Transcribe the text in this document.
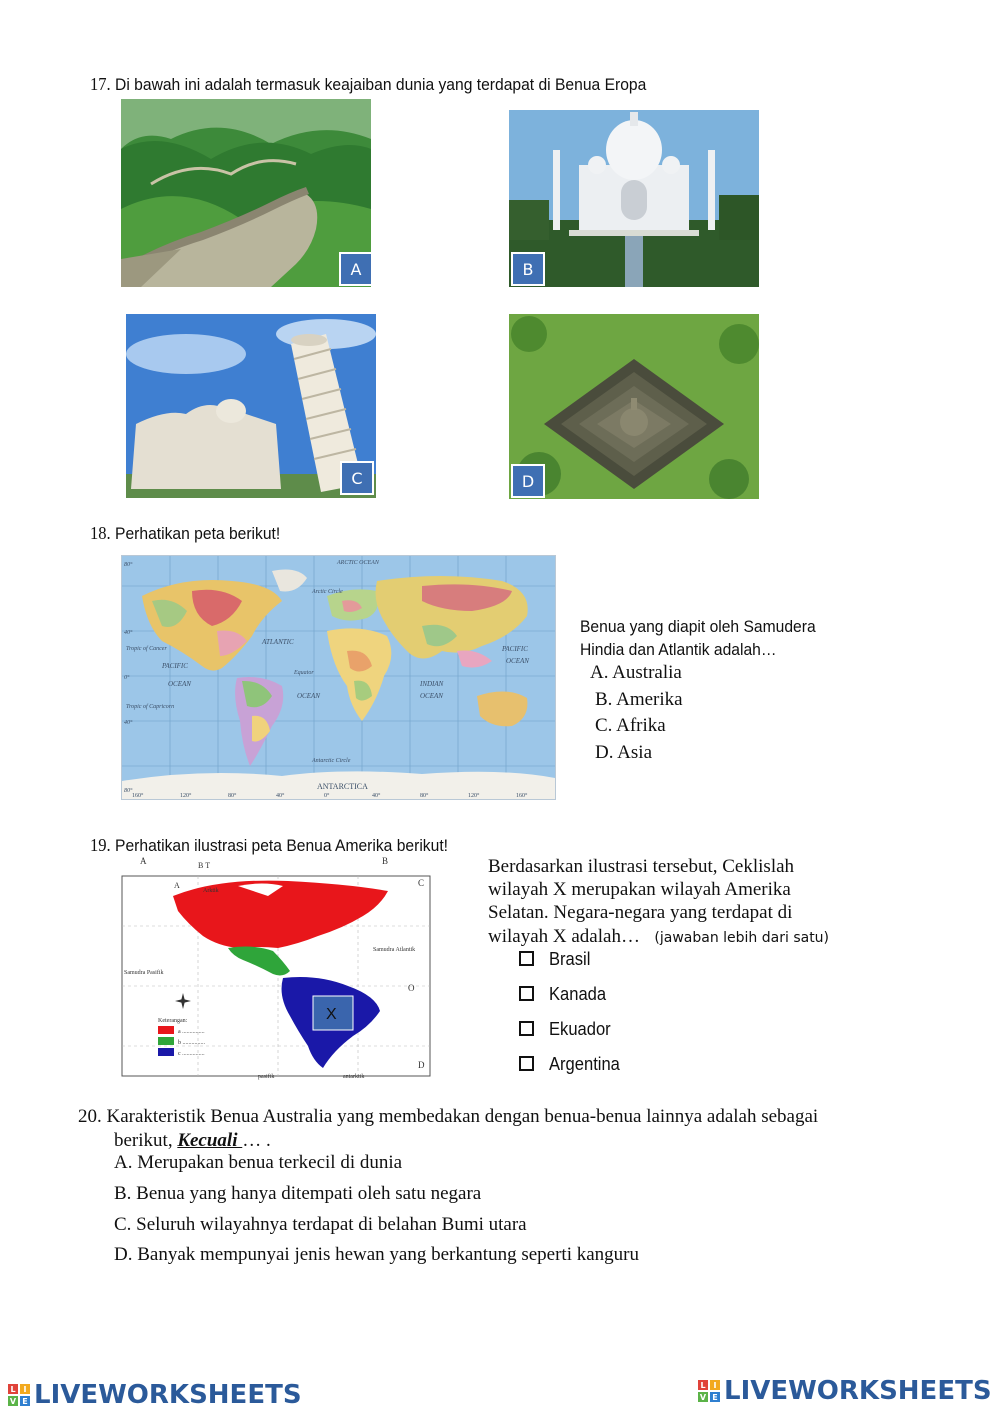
17. Di bawah ini adalah termasuk keajaiban dunia yang terdapat di Benua Eropa
A	B
C	D
18. Perhatikan peta berikut!
ARCTIC OCEAN
Arctic Circle
ATLANTIC
PACIFIC
OCEAN
PACIFIC
OCEAN
INDIAN
OCEAN
OCEAN
Tropic of Cancer
Equator
Tropic of Capricorn
Antarctic Circle
ANTARCTICA
80°
40°
0°
40°
80°
160°	120°	80°	40°	0°	40°	80°	120°	160°
Benua yang diapit oleh Samudera
Hindia dan Atlantik adalah…
A. Australia
B. Amerika
C. Afrika
D. Asia
19. Perhatikan ilustrasi peta Benua Amerika berikut!
X
Arktik
Samudra Pasifik
Samudra Atlantik
A	B
B T
C
D
A
O
Keterangan:
a ...............
b ...............
c ...............
pasifik	antarktik
Berdasarkan ilustrasi tersebut, Ceklislah
wilayah X merupakan wilayah Amerika
Selatan. Negara-negara yang terdapat di
wilayah X adalah… (jawaban lebih dari satu)
Brasil
Kanada
Ekuador
Argentina
20. Karakteristik Benua Australia yang membedakan dengan benua-benua lainnya adalah sebagai
berikut, Kecuali … .
A. Merupakan benua terkecil di dunia
B. Benua yang hanya ditempati oleh satu negara
C. Seluruh wilayahnya terdapat di belahan Bumi utara
D. Banyak mempunyai jenis hewan yang berkantung seperti kanguru
L I
V E LIVEWORKSHEETS	L I
V E LIVEWORKSHEETS
